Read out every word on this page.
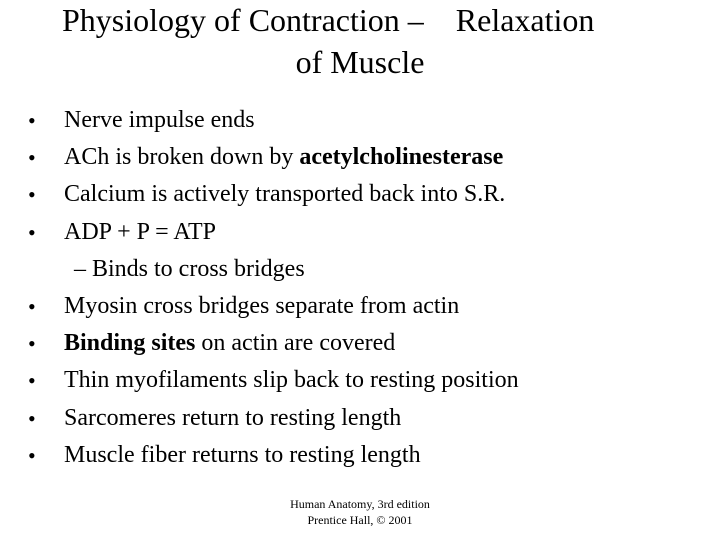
Physiology of Contraction –    Relaxation
of Muscle
•	Nerve impulse ends
•	ACh is broken down by acetylcholinesterase
•	Calcium is actively transported back into S.R.
•	ADP + P = ATP
– Binds to cross bridges
•	Myosin cross bridges separate from actin
•	Binding sites on actin are covered
•	Thin myofilaments slip back to resting position
•	Sarcomeres return to resting length
•	Muscle fiber returns to resting length
Human Anatomy, 3rd edition
Prentice Hall, © 2001
